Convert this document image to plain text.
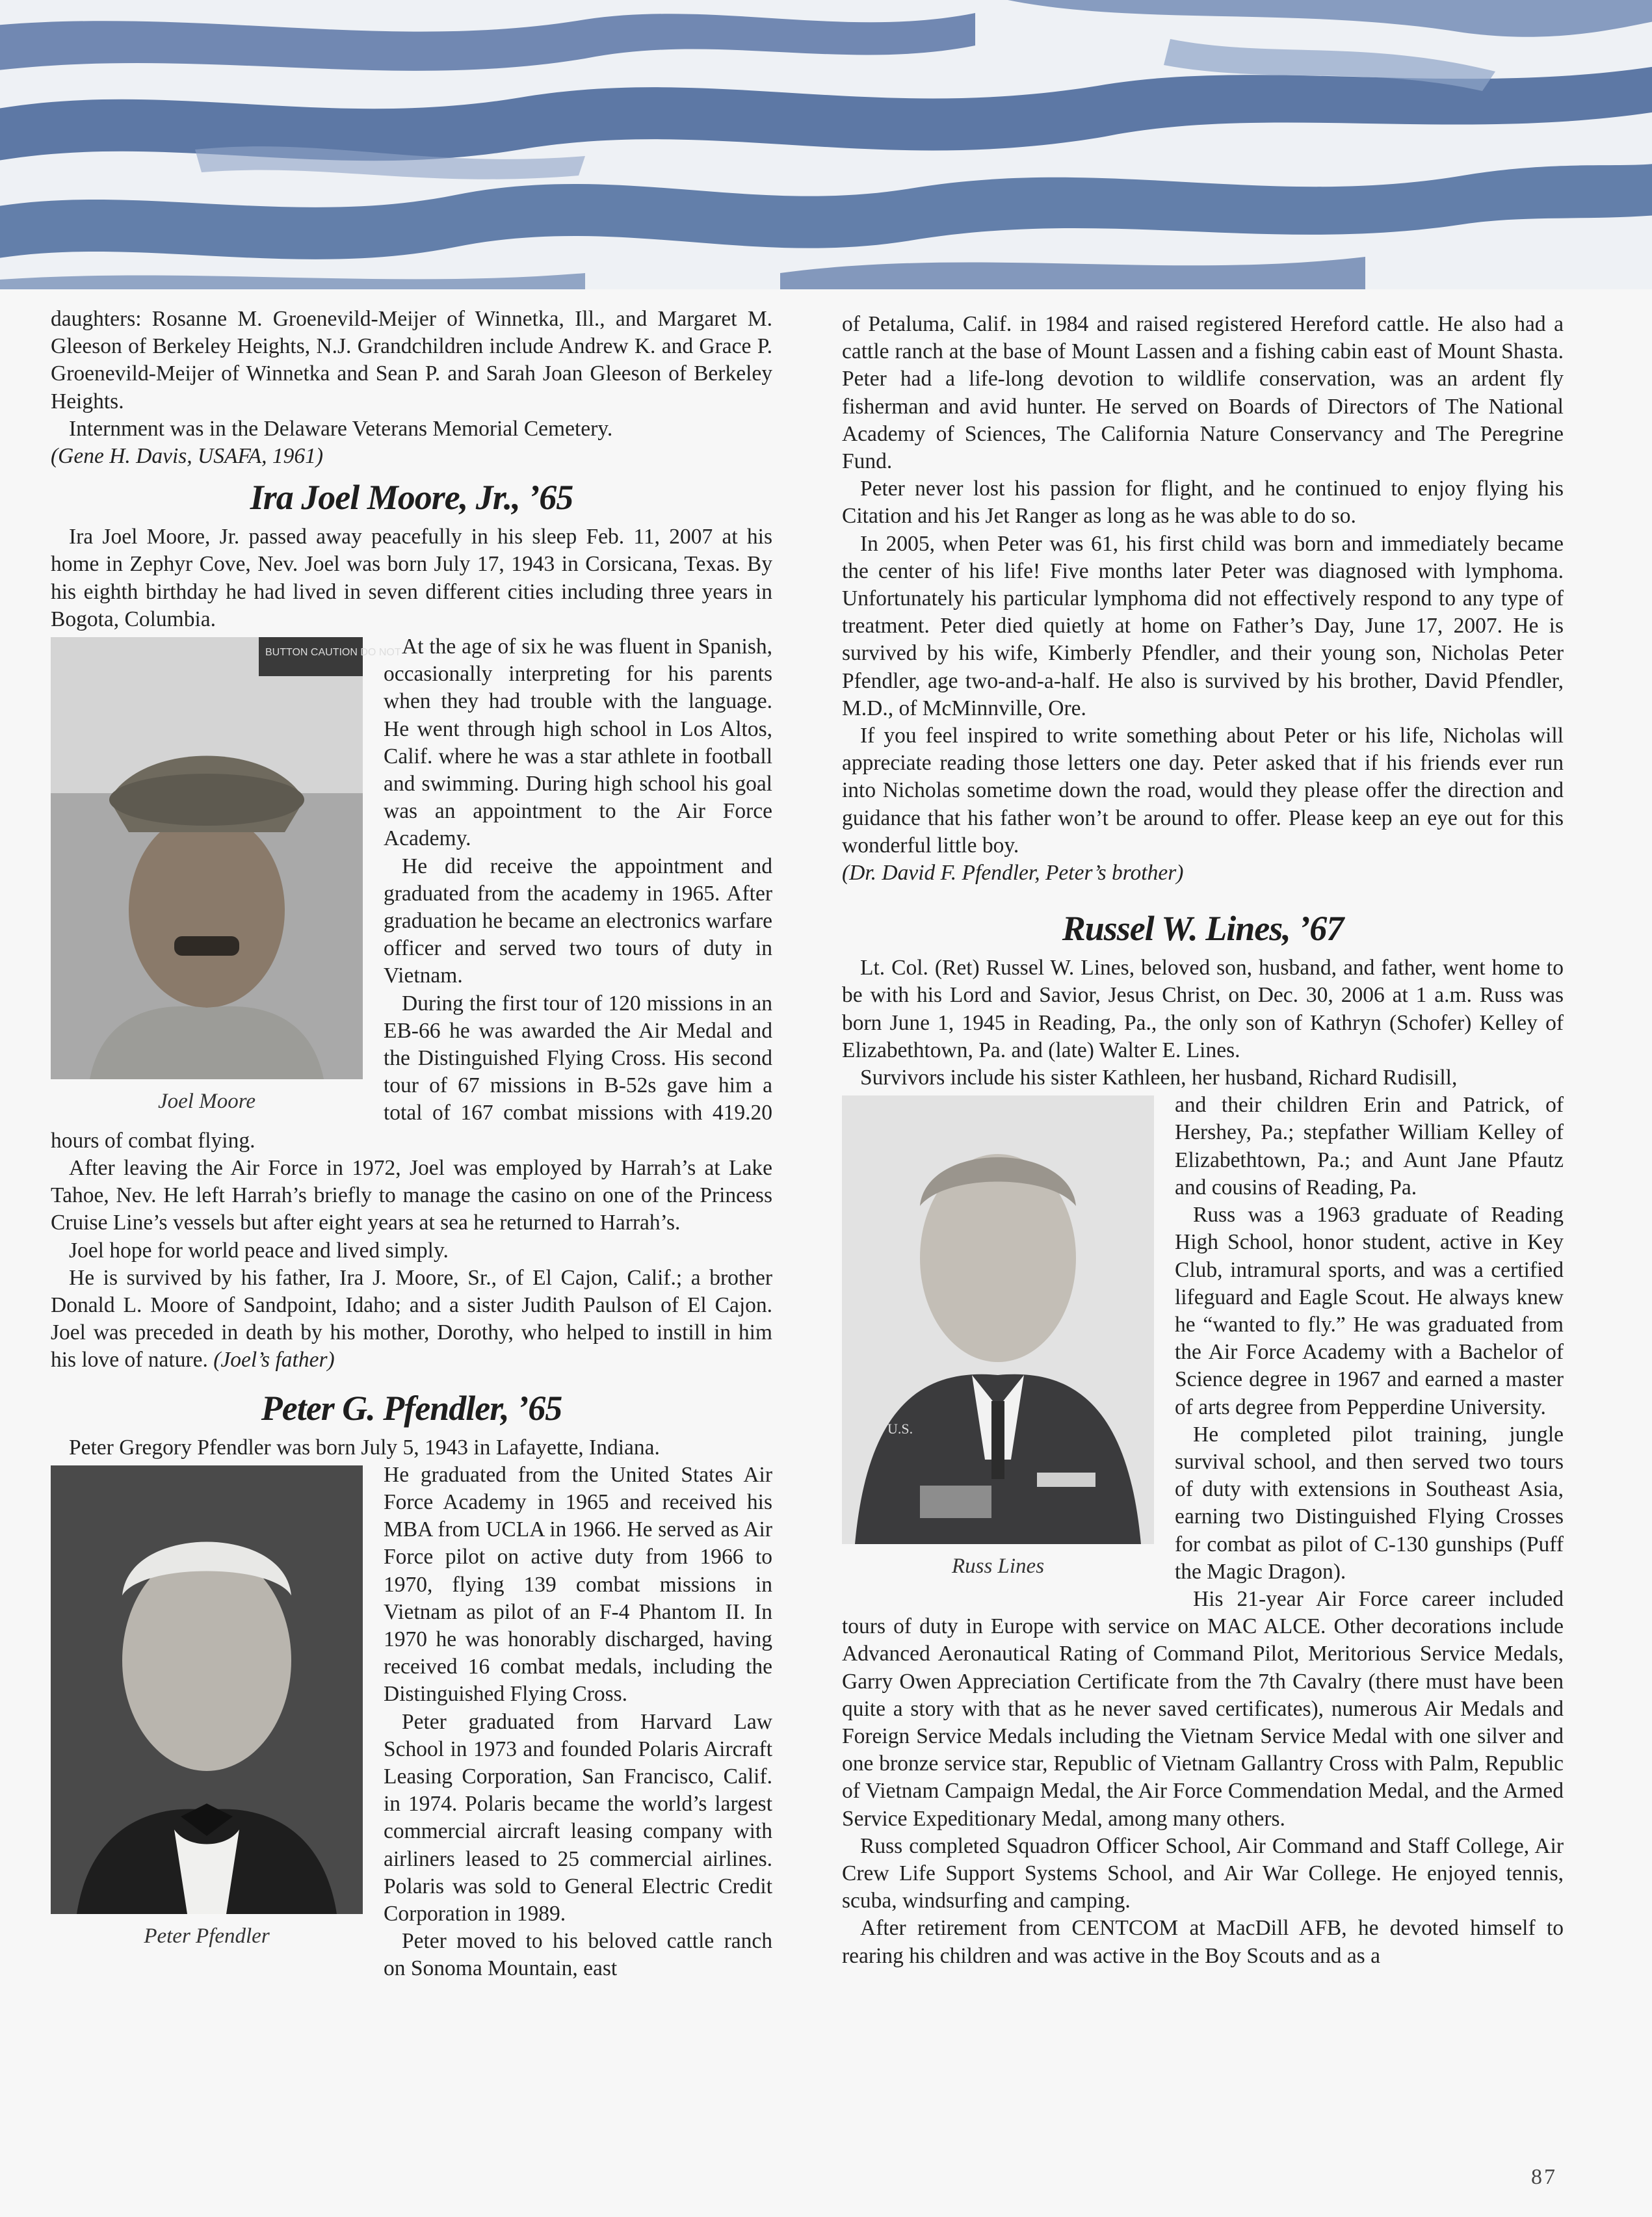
daughters: Rosanne M. Groenevild-Meijer of Winnetka, Ill., and Margaret M. Gleeson of Berkeley Heights, N.J. Grandchildren include Andrew K. and Grace P. Groenevild-Meijer of Winnetka and Sean P. and Sarah Joan Gleeson of Berkeley Heights.

Internment was in the Delaware Veterans Memorial Cemetery.

(Gene H. Davis, USAFA, 1961)

Ira Joel Moore, Jr., ’65

Ira Joel Moore, Jr. passed away peacefully in his sleep Feb. 11, 2007 at his home in Zephyr Cove, Nev. Joel was born July 17, 1943 in Corsicana, Texas. By his eighth birthday he had lived in seven different cities including three years in Bogota, Columbia.

BUTTON CAUTION DO NOT
Joel Moore

At the age of six he was fluent in Spanish, occasionally interpreting for his parents when they had trouble with the language. He went through high school in Los Altos, Calif. where he was a star athlete in football and swimming. During high school his goal was an appointment to the Air Force Academy.

He did receive the appointment and graduated from the academy in 1965. After graduation he became an electronics warfare officer and served two tours of duty in Vietnam.

During the first tour of 120 missions in an EB-66 he was awarded the Air Medal and the Distinguished Flying Cross. His second tour of 67 missions in B-52s gave him a total of 167 combat missions with 419.20 hours of combat flying.

After leaving the Air Force in 1972, Joel was employed by Harrah’s at Lake Tahoe, Nev. He left Harrah’s briefly to manage the casino on one of the Princess Cruise Line’s vessels but after eight years at sea he returned to Harrah’s.

Joel hope for world peace and lived simply.

He is survived by his father, Ira J. Moore, Sr., of El Cajon, Calif.; a brother Donald L. Moore of Sandpoint, Idaho; and a sister Judith Paulson of El Cajon. Joel was preceded in death by his mother, Dorothy, who helped to instill in him his love of nature. (Joel’s father)

Peter G. Pfendler, ’65

Peter Gregory Pfendler was born July 5, 1943 in Lafayette, Indiana.

Peter Pfendler

He graduated from the United States Air Force Academy in 1965 and received his MBA from UCLA in 1966. He served as Air Force pilot on active duty from 1966 to 1970, flying 139 combat missions in Vietnam as pilot of an F-4 Phantom II. In 1970 he was honorably discharged, having received 16 combat medals, including the Distinguished Flying Cross.

Peter graduated from Harvard Law School in 1973 and founded Polaris Aircraft Leasing Corporation, San Francisco, Calif. in 1974. Polaris became the world’s largest commercial aircraft leasing company with airliners leased to 25 commercial airlines. Polaris was sold to General Electric Credit Corporation in 1989.

Peter moved to his beloved cattle ranch on Sonoma Mountain, east

of Petaluma, Calif. in 1984 and raised registered Hereford cattle. He also had a cattle ranch at the base of Mount Lassen and a fishing cabin east of Mount Shasta. Peter had a life-long devotion to wildlife conservation, was an ardent fly fisherman and avid hunter. He served on Boards of Directors of The National Academy of Sciences, The California Nature Conservancy and The Peregrine Fund.

Peter never lost his passion for flight, and he continued to enjoy flying his Citation and his Jet Ranger as long as he was able to do so.

In 2005, when Peter was 61, his first child was born and immediately became the center of his life! Five months later Peter was diagnosed with lymphoma. Unfortunately his particular lymphoma did not effectively respond to any type of treatment. Peter died quietly at home on Father’s Day, June 17, 2007. He is survived by his wife, Kimberly Pfendler, and their young son, Nicholas Peter Pfendler, age two-and-a-half. He also is survived by his brother, David Pfendler, M.D., of McMinnville, Ore.

If you feel inspired to write something about Peter or his life, Nicholas will appreciate reading those letters one day. Peter asked that if his friends ever run into Nicholas sometime down the road, would they please offer the direction and guidance that his father won’t be around to offer. Please keep an eye out for this wonderful little boy.

(Dr. David F. Pfendler, Peter’s brother)

Russel W. Lines, ’67

Lt. Col. (Ret) Russel W. Lines, beloved son, husband, and father, went home to be with his Lord and Savior, Jesus Christ, on Dec. 30, 2006 at 1 a.m. Russ was born June 1, 1945 in Reading, Pa., the only son of Kathryn (Schofer) Kelley of Elizabethtown, Pa. and (late) Walter E. Lines.

Survivors include his sister Kathleen, her husband, Richard Rudisill,

U.S.
Russ Lines

and their children Erin and Patrick, of Hershey, Pa.; stepfather William Kelley of Elizabethtown, Pa.; and Aunt Jane Pfautz and cousins of Reading, Pa.

Russ was a 1963 graduate of Reading High School, honor student, active in Key Club, intramural sports, and was a certified lifeguard and Eagle Scout. He always knew he “wanted to fly.” He was graduated from the Air Force Academy with a Bachelor of Science degree in 1967 and earned a master of arts degree from Pepperdine University.

He completed pilot training, jungle survival school, and then served two tours of duty with extensions in Southeast Asia, earning two Distinguished Flying Crosses for combat as pilot of C-130 gunships (Puff the Magic Dragon).

His 21-year Air Force career included tours of duty in Europe with service on MAC ALCE. Other decorations include Advanced Aeronautical Rating of Command Pilot, Meritorious Service Medals, Garry Owen Appreciation Certificate from the 7th Cavalry (there must have been quite a story with that as he never saved certificates), numerous Air Medals and Foreign Service Medals including the Vietnam Service Medal with one silver and one bronze service star, Republic of Vietnam Gallantry Cross with Palm, Republic of Vietnam Campaign Medal, the Air Force Commendation Medal, and the Armed Service Expeditionary Medal, among many others.

Russ completed Squadron Officer School, Air Command and Staff College, Air Crew Life Support Systems School, and Air War College. He enjoyed tennis, scuba, windsurfing and camping.

After retirement from CENTCOM at MacDill AFB, he devoted himself to rearing his children and was active in the Boy Scouts and as a

87
